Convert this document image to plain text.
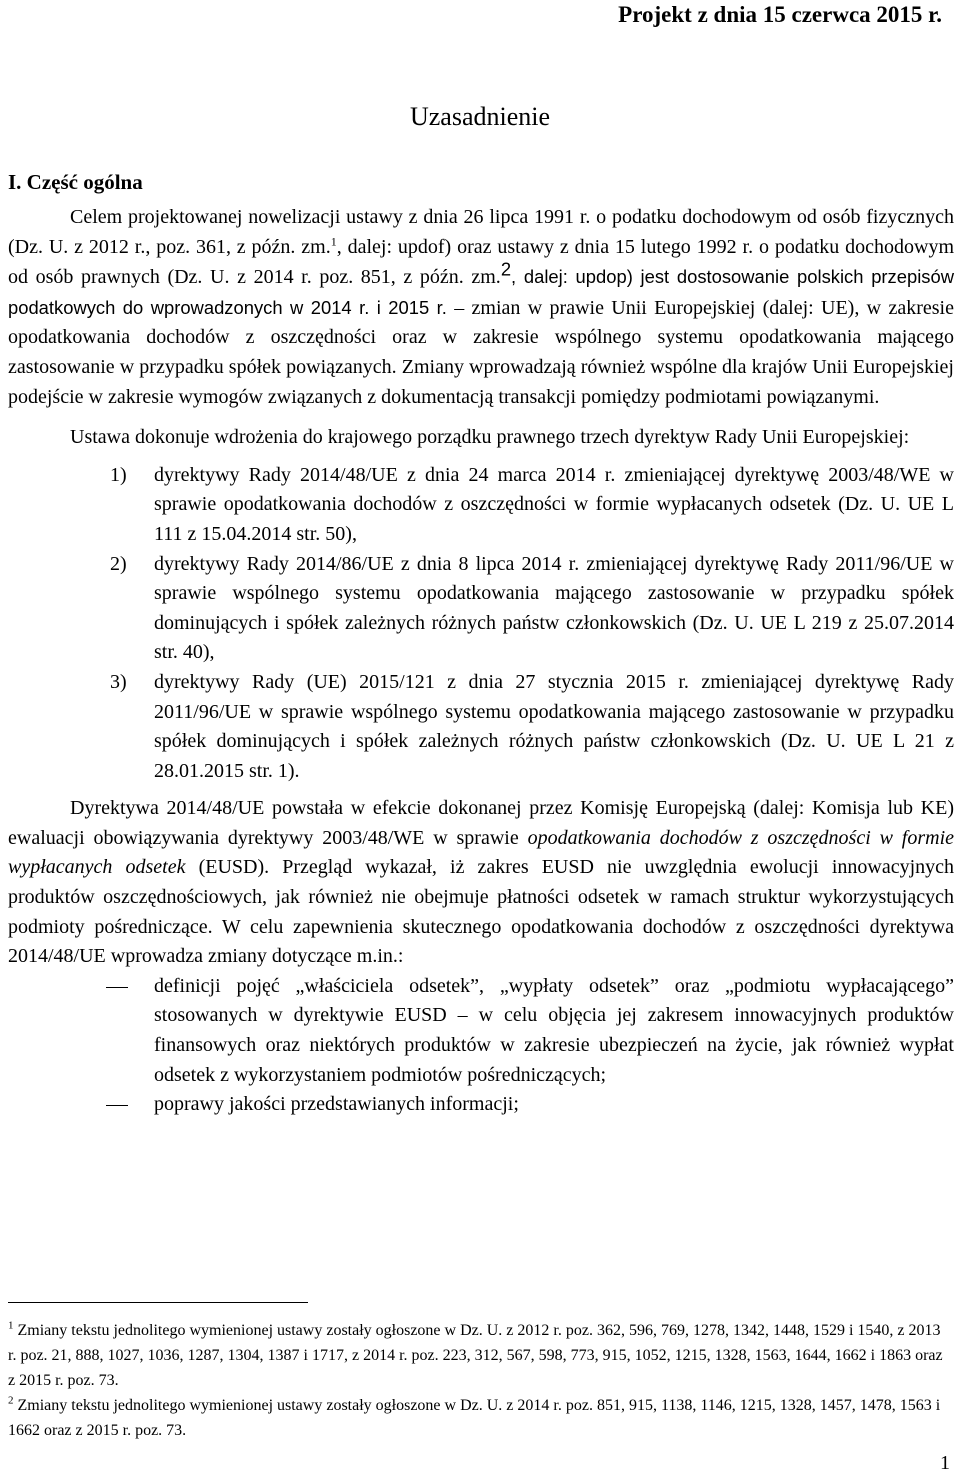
Projekt z dnia 15 czerwca 2015 r.
Uzasadnienie
I. Część ogólna

Celem projektowanej nowelizacji ustawy z dnia 26 lipca 1991 r. o podatku dochodowym od osób fizycznych (Dz. U. z 2012 r., poz. 361, z późn. zm.$^1$, dalej: updof) oraz ustawy z dnia 15 lutego 1992 r. o podatku dochodowym od osób prawnych (Dz. U. z 2014 r. poz. 851, z późn. zm.$^2$, dalej: updop) jest dostosowanie polskich przepisów podatkowych do wprowadzonych w 2014 r. i 2015 r. – zmian w prawie Unii Europejskiej (dalej: UE), w zakresie opodatkowania dochodów z oszczędności oraz w zakresie wspólnego systemu opodatkowania mającego zastosowanie w przypadku spółek powiązanych. Zmiany wprowadzają również wspólne dla krajów Unii Europejskiej podejście w zakresie wymogów związanych z dokumentacją transakcji pomiędzy podmiotami powiązanymi.

Ustawa dokonuje wdrożenia do krajowego porządku prawnego trzech dyrektyw Rady Unii Europejskiej:

1) dyrektywy Rady 2014/48/UE z dnia 24 marca 2014 r. zmieniającej dyrektywę 2003/48/WE w sprawie opodatkowania dochodów z oszczędności w formie wypłacanych odsetek (Dz. U. UE L 111 z 15.04.2014 str. 50),
2) dyrektywy Rady 2014/86/UE z dnia 8 lipca 2014 r. zmieniającej dyrektywę Rady 2011/96/UE w sprawie wspólnego systemu opodatkowania mającego zastosowanie w przypadku spółek dominujących i spółek zależnych różnych państw członkowskich (Dz. U. UE L 219 z 25.07.2014 str. 40),
3) dyrektywy Rady (UE) 2015/121 z dnia 27 stycznia 2015 r. zmieniającej dyrektywę Rady 2011/96/UE w sprawie wspólnego systemu opodatkowania mającego zastosowanie w przypadku spółek dominujących i spółek zależnych różnych państw członkowskich (Dz. U. UE L 21 z 28.01.2015 str. 1).

Dyrektywa 2014/48/UE powstała w efekcie dokonanej przez Komisję Europejską (dalej: Komisja lub KE) ewaluacji obowiązywania dyrektywy 2003/48/WE w sprawie opodatkowania dochodów z oszczędności w formie wypłacanych odsetek (EUSD). Przegląd wykazał, iż zakres EUSD nie uwzględnia ewolucji innowacyjnych produktów oszczędnościowych, jak również nie obejmuje płatności odsetek w ramach struktur wykorzystujących podmioty pośredniczące. W celu zapewnienia skutecznego opodatkowania dochodów z oszczędności dyrektywa 2014/48/UE wprowadza zmiany dotyczące m.in.:

definicji pojęć „właściciela odsetek”, „wypłaty odsetek” oraz „podmiotu wypłacającego” stosowanych w dyrektywie EUSD – w celu objęcia jej zakresem innowacyjnych produktów finansowych oraz niektórych produktów w zakresie ubezpieczeń na życie, jak również wypłat odsetek z wykorzystaniem podmiotów pośredniczących;
poprawy jakości przedstawianych informacji;

$^1$ Zmiany tekstu jednolitego wymienionej ustawy zostały ogłoszone w Dz. U. z 2012 r. poz. 362, 596, 769, 1278, 1342, 1448, 1529 i 1540, z 2013 r. poz. 21, 888, 1027, 1036, 1287, 1304, 1387 i 1717, z 2014 r. poz. 223, 312, 567, 598, 773, 915, 1052, 1215, 1328, 1563, 1644, 1662 i 1863 oraz z 2015 r. poz. 73.

$^2$ Zmiany tekstu jednolitego wymienionej ustawy zostały ogłoszone w Dz. U. z 2014 r. poz. 851, 915, 1138, 1146, 1215, 1328, 1457, 1478, 1563 i 1662 oraz z 2015 r. poz. 73.

1
